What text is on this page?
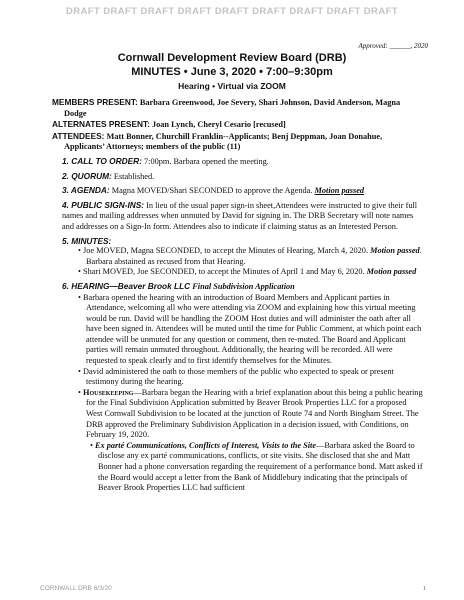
DRAFT DRAFT DRAFT DRAFT DRAFT DRAFT DRAFT DRAFT DRAFT
Approved: ______, 2020
Cornwall Development Review Board (DRB)
MINUTES • June 3, 2020 • 7:00–9:30pm
Hearing • Virtual via ZOOM
MEMBERS PRESENT: Barbara Greenwood, Joe Severy, Shari Johnson, David Anderson, Magna Dodge
ALTERNATES PRESENT: Joan Lynch, Cheryl Cesario [recused]
ATTENDEES: Matt Bonner, Churchill Franklin--Applicants; Benj Deppman, Joan Donahue, Applicants’ Attorneys; members of the public (11)
1. CALL TO ORDER: 7:00pm. Barbara opened the meeting.
2. QUORUM: Established.
3. AGENDA: Magna MOVED/Shari SECONDED to approve the Agenda. Motion passed
4. PUBLIC SIGN-INS: In lieu of the usual paper sign-in sheet,Attendees were instructed to give their full names and mailing addresses when unmuted by David for signing in. The DRB Secretary will note names and addresses on a Sign-In form. Attendees also to indicate if claiming status as an Interested Person.
5. MINUTES:
• Joe MOVED, Magna SECONDED, to accept the Minutes of Hearing, March 4, 2020. Motion passed. Barbara abstained as recused from that Hearing.
• Shari MOVED, Joe SECONDED, to accept the Minutes of April 1 and May 6, 2020. Motion passed
6. HEARING—Beaver Brook LLC Final Subdivision Application
• Barbara opened the hearing with an introduction of Board Members and Applicant parties in Attendance, welcoming all who were attending via ZOOM and explaining how this virtual meeting would be run. David will be handling the ZOOM Host duties and will administer the oath after all have been signed in. Attendees will be muted until the time for Public Comment, at which point each attendee will be unmuted for any question or comment, then re-muted. The Board and Applicant parties will remain unmuted throughout. Additionally, the hearing will be recorded. All were requested to speak clearly and to first identify themselves for the Minutes.
• David administered the oath to those members of the public who expected to speak or present testimony during the hearing.
• Housekeeping—Barbara began the Hearing with a brief explanation about this being a public hearing for the Final Subdivision Application submitted by Beaver Brook Properties LLC for a proposed West Cornwall Subdivision to be located at the junction of Route 74 and North Bingham Street. The DRB approved the Preliminary Subdivision Application in a decision issued, with Conditions, on February 19, 2020.
• Ex parté Communications, Conflicts of Interest, Visits to the Site—Barbara asked the Board to disclose any ex parté communications, conflicts, or site visits. She disclosed that she and Matt Bonner had a phone conversation regarding the requirement of a performance bond. Matt asked if the Board would accept a letter from the Bank of Middlebury indicating that the principals of Beaver Brook Properties LLC had sufficient
CORNWALL DRB 6/3/20	1
